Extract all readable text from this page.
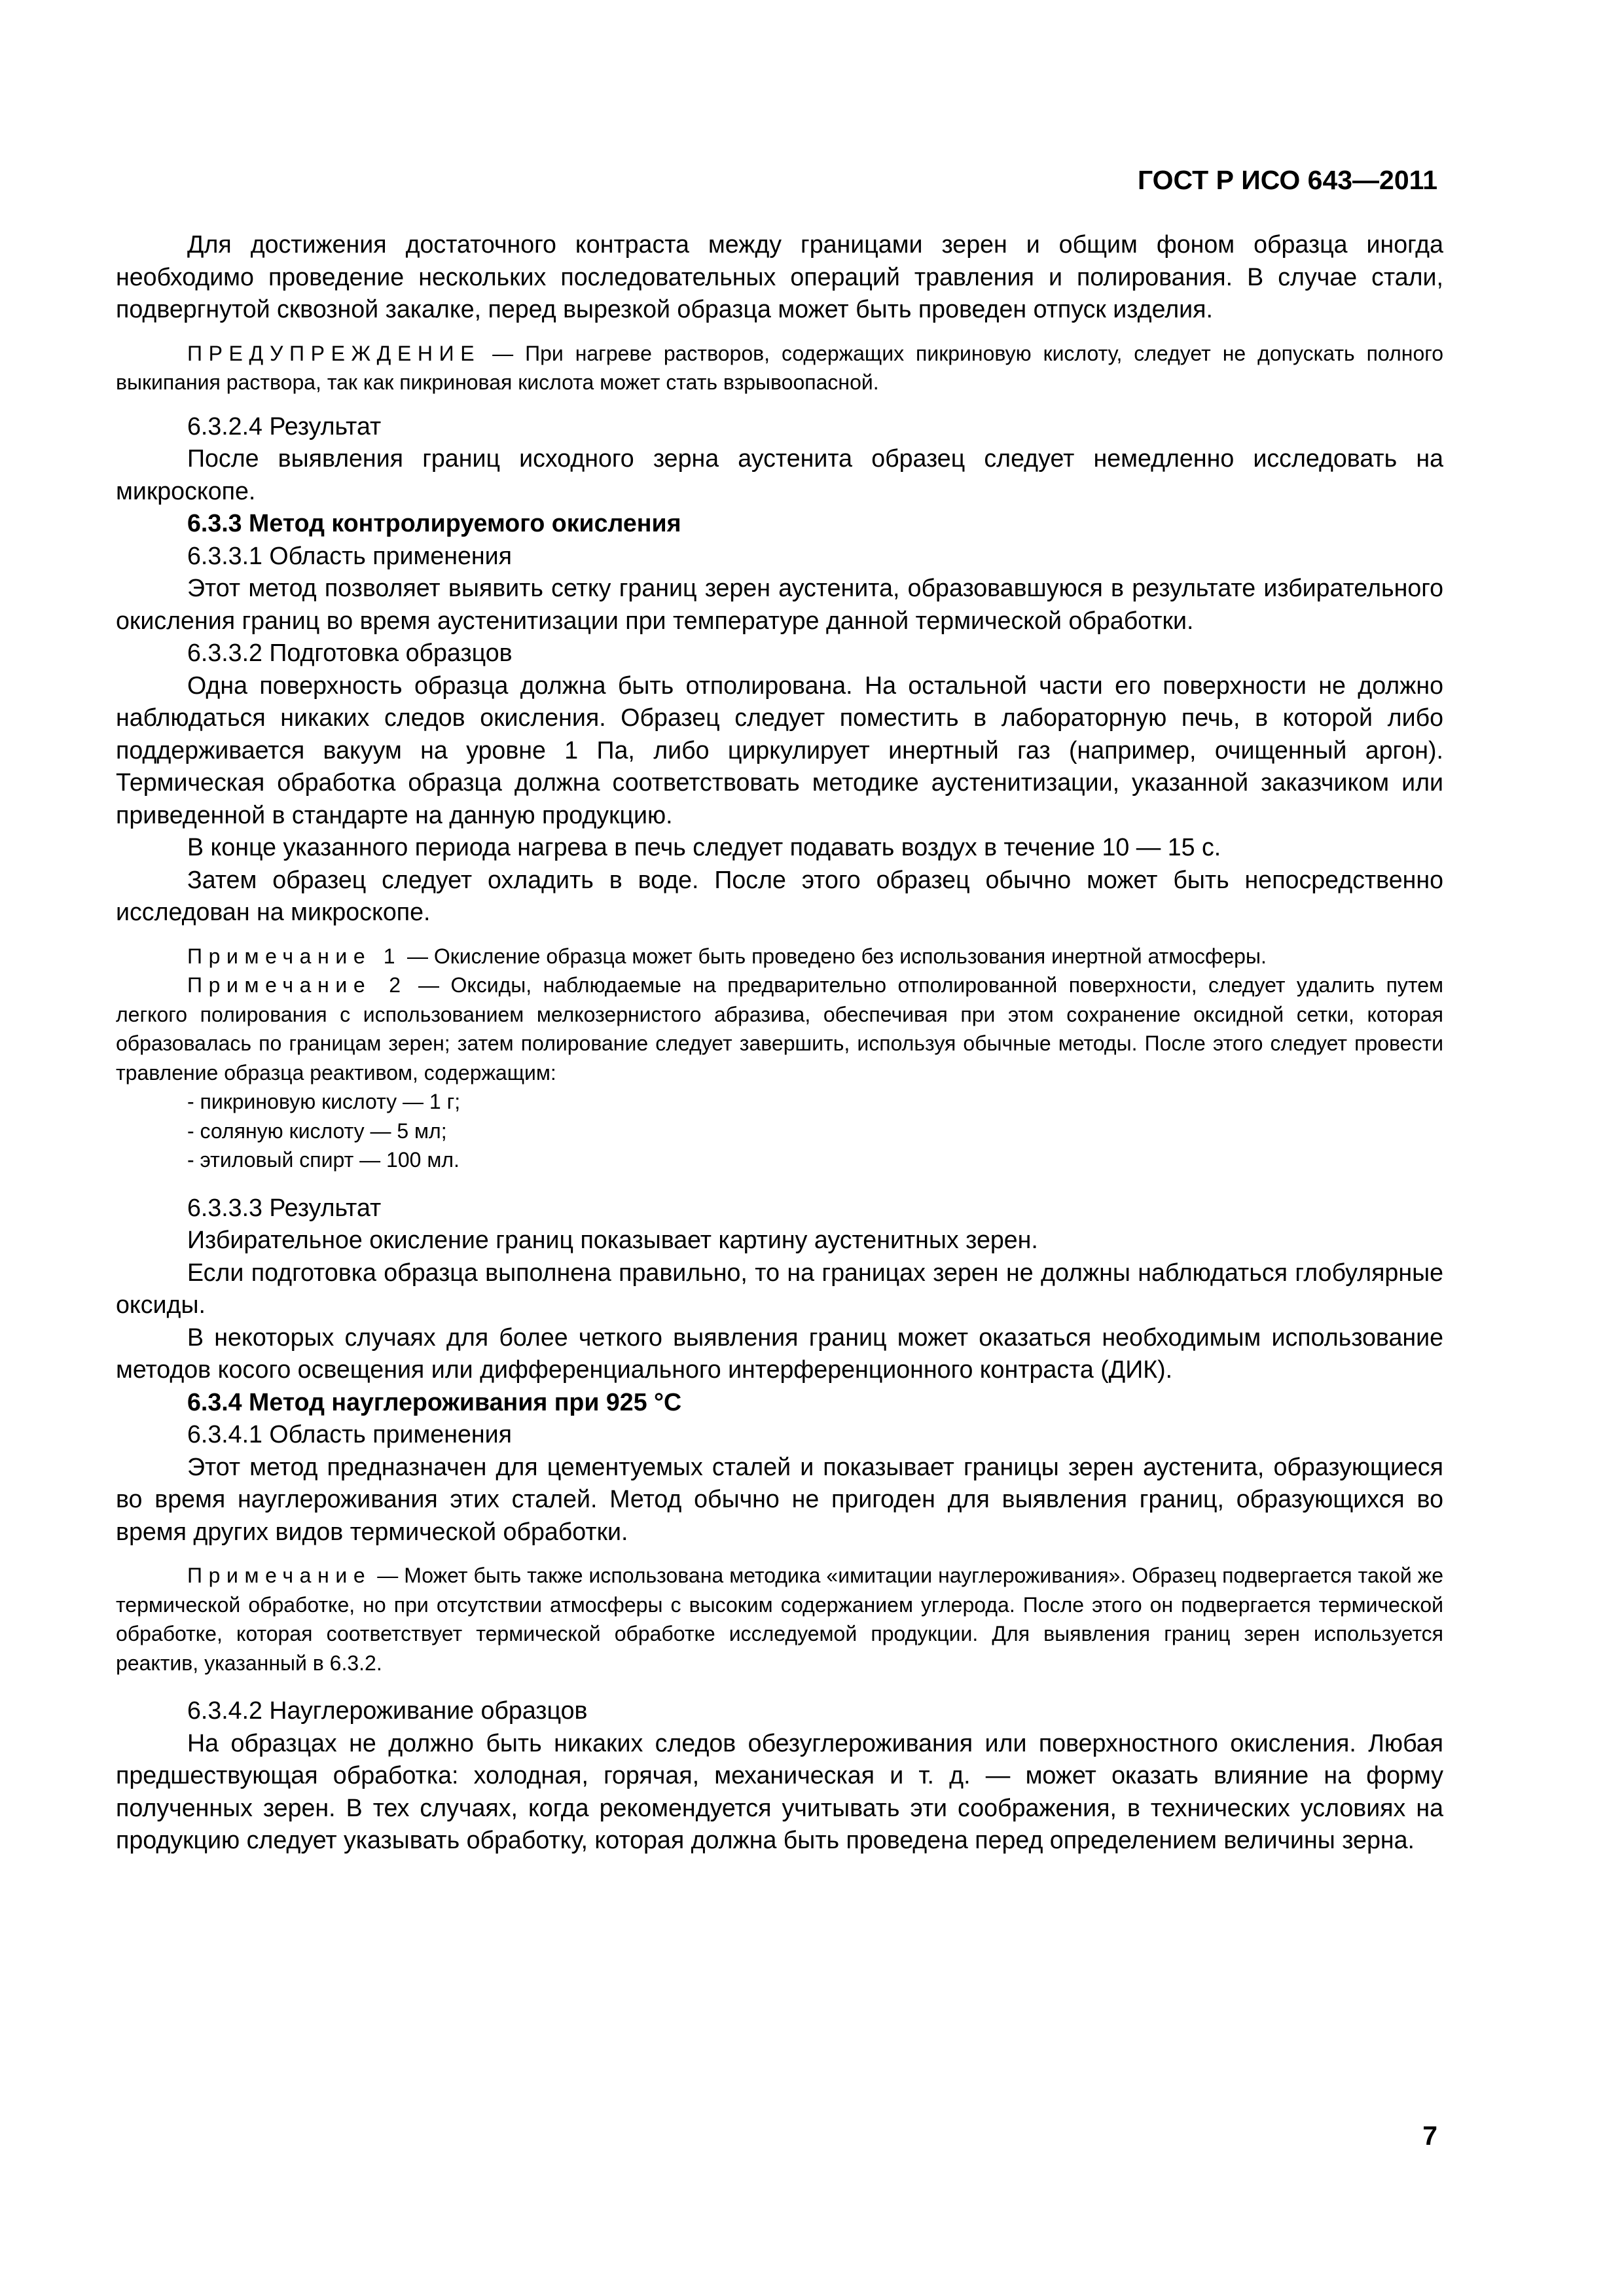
ГОСТ Р ИСО 643—2011

Для достижения достаточного контраста между границами зерен и общим фоном образца иногда необходимо проведение нескольких последовательных операций травления и полирования. В случае стали, подвергнутой сквозной закалке, перед вырезкой образца может быть проведен отпуск изделия.

ПРЕДУПРЕЖДЕНИЕ — При нагреве растворов, содержащих пикриновую кислоту, следует не допускать полного выкипания раствора, так как пикриновая кислота может стать взрывоопасной.

6.3.2.4 Результат

После выявления границ исходного зерна аустенита образец следует немедленно исследовать на микроскопе.

6.3.3 Метод контролируемого окисления

6.3.3.1 Область применения

Этот метод позволяет выявить сетку границ зерен аустенита, образовавшуюся в результате избирательного окисления границ во время аустенитизации при температуре данной термической обработки.

6.3.3.2 Подготовка образцов

Одна поверхность образца должна быть отполирована. На остальной части его поверхности не должно наблюдаться никаких следов окисления. Образец следует поместить в лабораторную печь, в которой либо поддерживается вакуум на уровне 1 Па, либо циркулирует инертный газ (например, очищенный аргон). Термическая обработка образца должна соответствовать методике аустенитизации, указанной заказчиком или приведенной в стандарте на данную продукцию.

В конце указанного периода нагрева в печь следует подавать воздух в течение 10 — 15 с.

Затем образец следует охладить в воде. После этого образец обычно может быть непосредственно исследован на микроскопе.

Примечание 1 — Окисление образца может быть проведено без использования инертной атмосферы.

Примечание 2 — Оксиды, наблюдаемые на предварительно отполированной поверхности, следует удалить путем легкого полирования с использованием мелкозернистого абразива, обеспечивая при этом сохранение оксидной сетки, которая образовалась по границам зерен; затем полирование следует завершить, используя обычные методы. После этого следует провести травление образца реактивом, содержащим:

- пикриновую кислоту — 1 г;

- соляную кислоту — 5 мл;

- этиловый спирт — 100 мл.

6.3.3.3 Результат

Избирательное окисление границ показывает картину аустенитных зерен.

Если подготовка образца выполнена правильно, то на границах зерен не должны наблюдаться глобулярные оксиды.

В некоторых случаях для более четкого выявления границ может оказаться необходимым использование методов косого освещения или дифференциального интерференционного контраста (ДИК).

6.3.4 Метод науглероживания при 925 °С

6.3.4.1 Область применения

Этот метод предназначен для цементуемых сталей и показывает границы зерен аустенита, образующиеся во время науглероживания этих сталей. Метод обычно не пригоден для выявления границ, образующихся во время других видов термической обработки.

Примечание — Может быть также использована методика «имитации науглероживания». Образец подвергается такой же термической обработке, но при отсутствии атмосферы с высоким содержанием углерода. После этого он подвергается термической обработке, которая соответствует термической обработке исследуемой продукции. Для выявления границ зерен используется реактив, указанный в 6.3.2.

6.3.4.2 Науглероживание образцов

На образцах не должно быть никаких следов обезуглероживания или поверхностного окисления. Любая предшествующая обработка: холодная, горячая, механическая и т. д. — может оказать влияние на форму полученных зерен. В тех случаях, когда рекомендуется учитывать эти соображения, в технических условиях на продукцию следует указывать обработку, которая должна быть проведена перед определением величины зерна.

7
